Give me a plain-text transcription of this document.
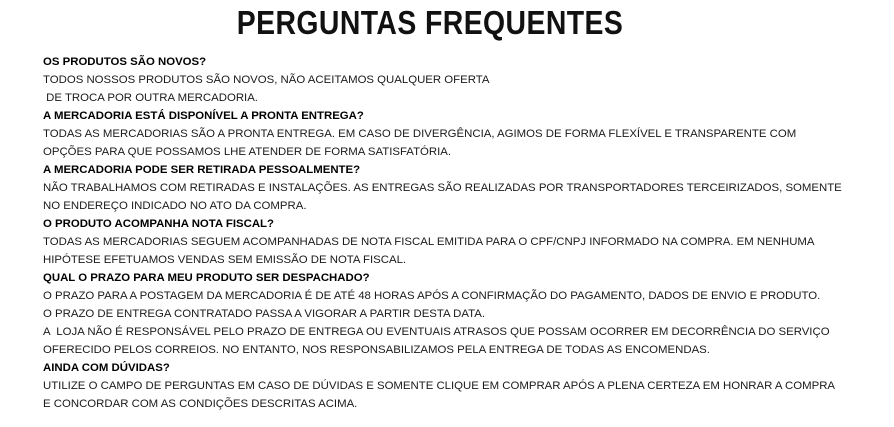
PERGUNTAS FREQUENTES
OS PRODUTOS SÃO NOVOS?
TODOS NOSSOS PRODUTOS SÃO NOVOS, NÃO ACEITAMOS QUALQUER OFERTA
DE TROCA POR OUTRA MERCADORIA.
A MERCADORIA ESTÁ DISPONÍVEL A PRONTA ENTREGA?
TODAS AS MERCADORIAS SÃO A PRONTA ENTREGA. EM CASO DE DIVERGÊNCIA, AGIMOS DE FORMA FLEXÍVEL E TRANSPARENTE COM
OPÇÕES PARA QUE POSSAMOS LHE ATENDER DE FORMA SATISFATÓRIA.
A MERCADORIA PODE SER RETIRADA PESSOALMENTE?
NÃO TRABALHAMOS COM RETIRADAS E INSTALAÇÕES. AS ENTREGAS SÃO REALIZADAS POR TRANSPORTADORES TERCEIRIZADOS, SOMENTE
NO ENDEREÇO INDICADO NO ATO DA COMPRA.
O PRODUTO ACOMPANHA NOTA FISCAL?
TODAS AS MERCADORIAS SEGUEM ACOMPANHADAS DE NOTA FISCAL EMITIDA PARA O CPF/CNPJ INFORMADO NA COMPRA. EM NENHUMA
HIPÓTESE EFETUAMOS VENDAS SEM EMISSÃO DE NOTA FISCAL.
QUAL O PRAZO PARA MEU PRODUTO SER DESPACHADO?
O PRAZO PARA A POSTAGEM DA MERCADORIA É DE ATÉ 48 HORAS APÓS A CONFIRMAÇÃO DO PAGAMENTO, DADOS DE ENVIO E PRODUTO.
O PRAZO DE ENTREGA CONTRATADO PASSA A VIGORAR A PARTIR DESTA DATA.
A  LOJA NÃO É RESPONSÁVEL PELO PRAZO DE ENTREGA OU EVENTUAIS ATRASOS QUE POSSAM OCORRER EM DECORRÊNCIA DO SERVIÇO
OFERECIDO PELOS CORREIOS. NO ENTANTO, NOS RESPONSABILIZAMOS PELA ENTREGA DE TODAS AS ENCOMENDAS.
AINDA COM DÚVIDAS?
UTILIZE O CAMPO DE PERGUNTAS EM CASO DE DÚVIDAS E SOMENTE CLIQUE EM COMPRAR APÓS A PLENA CERTEZA EM HONRAR A COMPRA
E CONCORDAR COM AS CONDIÇÕES DESCRITAS ACIMA.
